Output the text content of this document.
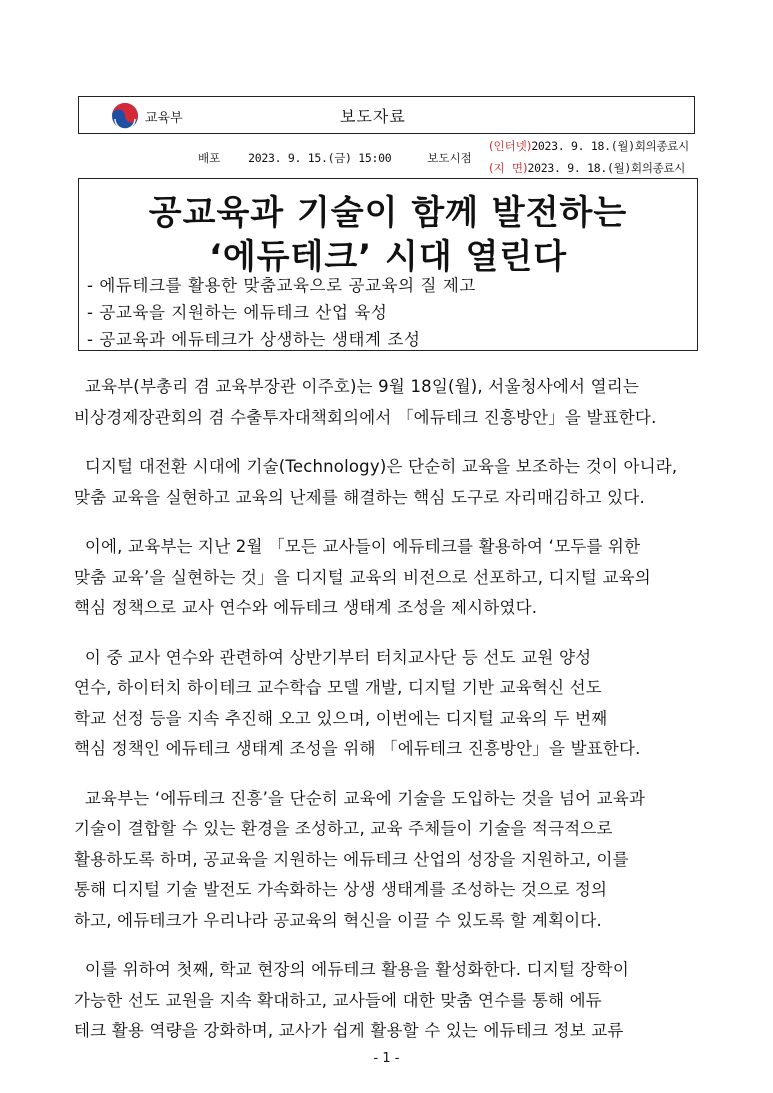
교육부	보도자료
배포 2023. 9. 15.(금) 15:00	보도시점
(인터넷)2023. 9. 18.(월)회의종료시
(지  면)2023. 9. 18.(월)회의종료시
공교육과 기술이 함께 발전하는
‘에듀테크’ 시대 열린다
- 에듀테크를 활용한 맞춤교육으로 공교육의 질 제고
- 공교육을 지원하는 에듀테크 산업 육성
- 공교육과 에듀테크가 상생하는 생태계 조성

교육부(부총리 겸 교육부장관 이주호)는 9월 18일(월), 서울청사에서 열리는

비상경제장관회의 겸 수출투자대책회의에서 「에듀테크 진흥방안」을 발표한다.

디지털 대전환 시대에 기술(Technology)은 단순히 교육을 보조하는 것이 아니라,

맞춤 교육을 실현하고 교육의 난제를 해결하는 핵심 도구로 자리매김하고 있다.

이에, 교육부는 지난 2월 「모든 교사들이 에듀테크를 활용하여 ‘모두를 위한

맞춤 교육’을 실현하는 것」을 디지털 교육의 비전으로 선포하고, 디지털 교육의

핵심 정책으로 교사 연수와 에듀테크 생태계 조성을 제시하였다.

이 중 교사 연수와 관련하여 상반기부터 터치교사단 등 선도 교원 양성

연수, 하이터치 하이테크 교수학습 모델 개발, 디지털 기반 교육혁신 선도

학교 선정 등을 지속 추진해 오고 있으며, 이번에는 디지털 교육의 두 번째

핵심 정책인 에듀테크 생태계 조성을 위해 「에듀테크 진흥방안」을 발표한다.

교육부는 ‘에듀테크 진흥’을 단순히 교육에 기술을 도입하는 것을 넘어 교육과

기술이 결합할 수 있는 환경을 조성하고, 교육 주체들이 기술을 적극적으로

활용하도록 하며, 공교육을 지원하는 에듀테크 산업의 성장을 지원하고, 이를

통해 디지털 기술 발전도 가속화하는 상생 생태계를 조성하는 것으로 정의

하고, 에듀테크가 우리나라 공교육의 혁신을 이끌 수 있도록 할 계획이다.

이를 위하여 첫째, 학교 현장의 에듀테크 활용을 활성화한다. 디지털 장학이

가능한 선도 교원을 지속 확대하고, 교사들에 대한 맞춤 연수를 통해 에듀

테크 활용 역량을 강화하며, 교사가 쉽게 활용할 수 있는 에듀테크 정보 교류

- 1 -
